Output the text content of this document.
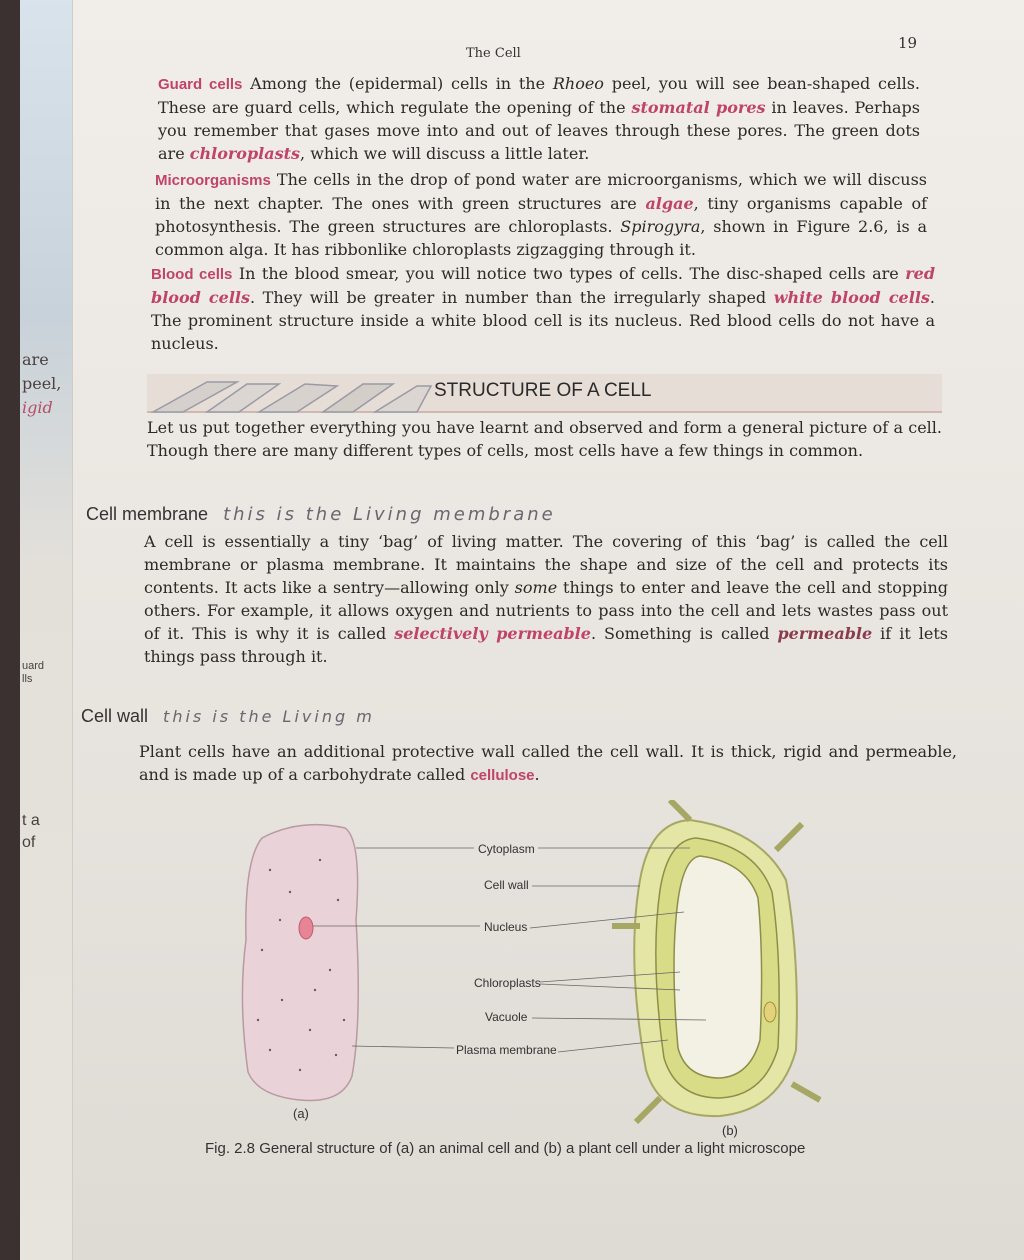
are
peel,
igid
uard
lls
t a
of
The Cell
19
Guard cells Among the (epidermal) cells in the Rhoeo peel, you will see bean-shaped cells. These are guard cells, which regulate the opening of the stomatal pores in leaves. Perhaps you remember that gases move into and out of leaves through these pores. The green dots are chloroplasts, which we will discuss a little later.
Microorganisms The cells in the drop of pond water are microorganisms, which we will discuss in the next chapter. The ones with green structures are algae, tiny organisms capable of photosynthesis. The green structures are chloroplasts. Spirogyra, shown in Figure 2.6, is a common alga. It has ribbonlike chloroplasts zigzagging through it.
Blood cells In the blood smear, you will notice two types of cells. The disc-shaped cells are red blood cells. They will be greater in number than the irregularly shaped white blood cells. The prominent structure inside a white blood cell is its nucleus. Red blood cells do not have a nucleus.
STRUCTURE OF A CELL
Let us put together everything you have learnt and observed and form a general picture of a cell. Though there are many different types of cells, most cells have a few things in common.
Cell membrane this is the Living membrane
A cell is essentially a tiny ‘bag’ of living matter. The covering of this ‘bag’ is called the cell membrane or plasma membrane. It maintains the shape and size of the cell and protects its contents. It acts like a sentry—allowing only some things to enter and leave the cell and stopping others. For example, it allows oxygen and nutrients to pass into the cell and lets wastes pass out of it. This is why it is called selectively permeable. Something is called permeable if it lets things pass through it.
Cell wall this is the Living m
Plant cells have an additional protective wall called the cell wall. It is thick, rigid and permeable, and is made up of a carbohydrate called cellulose.
Cytoplasm
Cell wall
Nucleus
Chloroplasts
Vacuole
Plasma membrane
(a)
(b)
Fig. 2.8 General structure of (a) an animal cell and (b) a plant cell under a light microscope
